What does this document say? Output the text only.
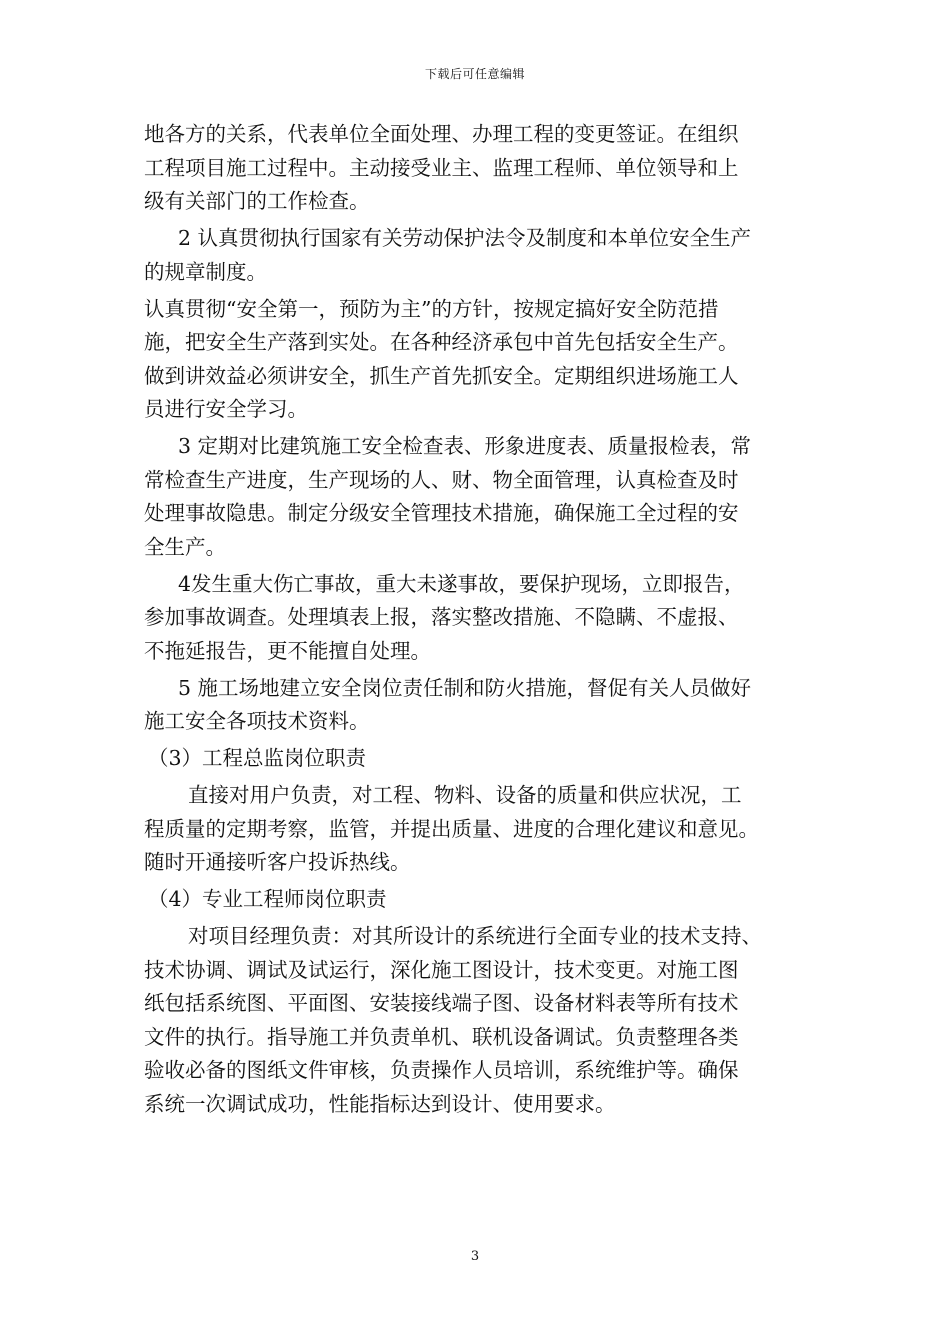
下载后可任意编辑
地各方的关系，代表单位全面处理、办理工程的变更签证。在组织
工程项目施工过程中。主动接受业主、监理工程师、单位领导和上
级有关部门的工作检查。
2 认真贯彻执行国家有关劳动保护法令及制度和本单位安全生产
的规章制度。
认真贯彻“安全第一，预防为主”的方针，按规定搞好安全防范措
施，把安全生产落到实处。在各种经济承包中首先包括安全生产。
做到讲效益必须讲安全，抓生产首先抓安全。定期组织进场施工人
员进行安全学习。
3 定期对比建筑施工安全检查表、形象进度表、质量报检表，常
常检查生产进度，生产现场的人、财、物全面管理，认真检查及时
处理事故隐患。制定分级安全管理技术措施，确保施工全过程的安
全生产。
4发生重大伤亡事故，重大未遂事故，要保护现场，立即报告，
参加事故调查。处理填表上报，落实整改措施、不隐瞒、不虚报、
不拖延报告，更不能擅自处理。
5 施工场地建立安全岗位责任制和防火措施，督促有关人员做好
施工安全各项技术资料。
（3）工程总监岗位职责
直接对用户负责，对工程、物料、设备的质量和供应状况，工
程质量的定期考察，监管，并提出质量、进度的合理化建议和意见。
随时开通接听客户投诉热线。
（4）专业工程师岗位职责
对项目经理负责：对其所设计的系统进行全面专业的技术支持、
技术协调、调试及试运行，深化施工图设计，技术变更。对施工图
纸包括系统图、平面图、安装接线端子图、设备材料表等所有技术
文件的执行。指导施工并负责单机、联机设备调试。负责整理各类
验收必备的图纸文件审核，负责操作人员培训，系统维护等。确保
系统一次调试成功，性能指标达到设计、使用要求。
3
